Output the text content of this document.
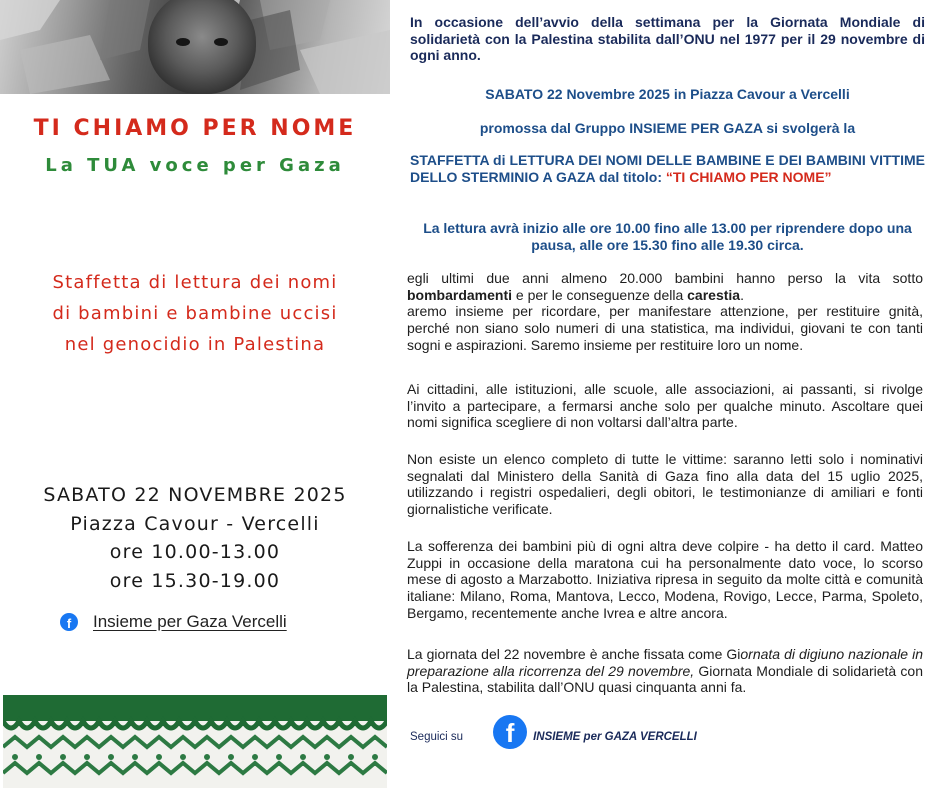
TI CHIAMO PER NOME
La TUA voce per Gaza
Staffetta di lettura dei nomi
di bambini e bambine uccisi
nel genocidio in Palestina
SABATO 22 NOVEMBRE 2025
Piazza Cavour - Vercelli
ore 10.00-13.00
ore 15.30-19.00
f	Insieme per Gaza Vercelli
In occasione dell’avvio della settimana per la Giornata Mondiale di solidarietà con la Palestina stabilita dall’ONU nel 1977 per il 29 novembre di ogni anno.
SABATO 22 Novembre 2025 in Piazza Cavour a Vercelli
promossa dal Gruppo INSIEME PER GAZA si svolgerà la
STAFFETTA di LETTURA DEI NOMI DELLE BAMBINE E DEI BAMBINI VITTIME DELLO STERMINIO A GAZA dal titolo: “TI CHIAMO PER NOME”
La lettura avrà inizio alle ore 10.00 fino alle 13.00 per riprendere dopo una pausa, alle ore 15.30 fino alle 19.30 circa.
egli ultimi due anni almeno 20.000 bambini hanno perso la vita sotto bombardamenti e per le conseguenze della carestia.
aremo insieme per ricordare, per manifestare attenzione, per restituire gnità, perché non siano solo numeri di una statistica, ma individui, giovani te con tanti sogni e aspirazioni. Saremo insieme per restituire loro un nome.
Ai cittadini, alle istituzioni, alle scuole, alle associazioni, ai passanti, si rivolge l’invito a partecipare, a fermarsi anche solo per qualche minuto. Ascoltare quei nomi significa scegliere di non voltarsi dall’altra parte.
Non esiste un elenco completo di tutte le vittime: saranno letti solo i nominativi segnalati dal Ministero della Sanità di Gaza fino alla data del 15 uglio 2025, utilizzando i registri ospedalieri, degli obitori, le testimonianze di amiliari e fonti giornalistiche verificate.
La sofferenza dei bambini più di ogni altra deve colpire - ha detto il card. Matteo Zuppi in occasione della maratona cui ha personalmente dato voce, lo scorso mese di agosto a Marzabotto. Iniziativa ripresa in seguito da molte città e comunità italiane: Milano, Roma, Mantova, Lecco, Modena, Rovigo, Lecce, Parma, Spoleto, Bergamo, recentemente anche Ivrea e altre ancora.
La giornata del 22 novembre è anche fissata come Giornata di digiuno nazionale in preparazione alla ricorrenza del 29 novembre, Giornata Mondiale di solidarietà con la Palestina, stabilita dall’ONU quasi cinquanta anni fa.
Seguici su	f	INSIEME per GAZA VERCELLI
